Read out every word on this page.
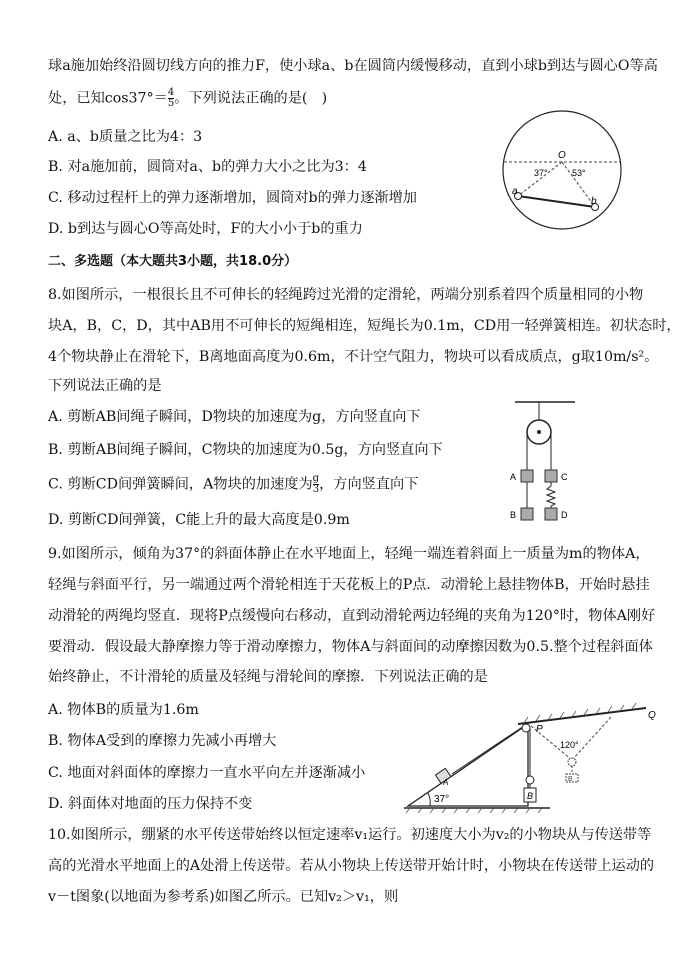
球a施加始终沿圆切线方向的推力F，使小球a、b在圆筒内缓慢移动，直到小球b到达与圆心O等高
处，已知$\cos 37^\circ= \frac{4}{5}$ 。下列说法正确的是(　)
A. a、b质量之比为4：3
B. 对a施加前，圆筒对a、b的弹力大小之比为3：4
C. 移动过程杆上的弹力逐渐增加，圆筒对b的弹力逐渐增加
D. b到达与圆心O等高处时，F的大小小于b的重力
O
37°	53°
a
b
二、多选题（本大题共3小题，共18.0分）
8.如图所示，一根很长且不可伸长的轻绳跨过光滑的定滑轮，两端分别系着四个质量相同的小物
块A，B，C，D，其中AB用不可伸长的短绳相连，短绳长为0.1m，CD用一轻弹簧相连。初状态时，
4个物块静止在滑轮下，B离地面高度为0.6m，不计空气阻力，物块可以看成质点，g取10m/s²。
下列说法正确的是
A. 剪断AB间绳子瞬间，D物块的加速度为g，方向竖直向下
B. 剪断AB间绳子瞬间，C物块的加速度为0.5g，方向竖直向下
C. 剪断CD间弹簧瞬间，A物块的加速度为 $\frac{g}{3}$ ，方向竖直向下
D. 剪断CD间弹簧，C能上升的最大高度是0.9m
A	C
B	D
9.如图所示，倾角为37°的斜面体静止在水平地面上，轻绳一端连着斜面上一质量为m的物体A，
轻绳与斜面平行，另一端通过两个滑轮相连于天花板上的P点．动滑轮上悬挂物体B，开始时悬挂
动滑轮的两绳均竖直．现将P点缓慢向右移动，直到动滑轮两边轻绳的夹角为120°时，物体A刚好
要滑动．假设最大静摩擦力等于滑动摩擦力，物体A与斜面间的动摩擦因数为0.5.整个过程斜面体
始终静止，不计滑轮的质量及轻绳与滑轮间的摩擦．下列说法正确的是
A. 物体B的质量为1.6m
B. 物体A受到的摩擦力先减小再增大
C. 地面对斜面体的摩擦力一直水平向左并逐渐减小
D. 斜面体对地面的压力保持不变	37°
A
B
B
120°
P
Q
10.如图所示，绷紧的水平传送带始终以恒定速率v₁运行。初速度大小为v₂的小物块从与传送带等
高的光滑水平地面上的A处滑上传送带。若从小物块上传送带开始计时，小物块在传送带上运动的
v－t图象(以地面为参考系)如图乙所示。已知v₂＞v₁，则
